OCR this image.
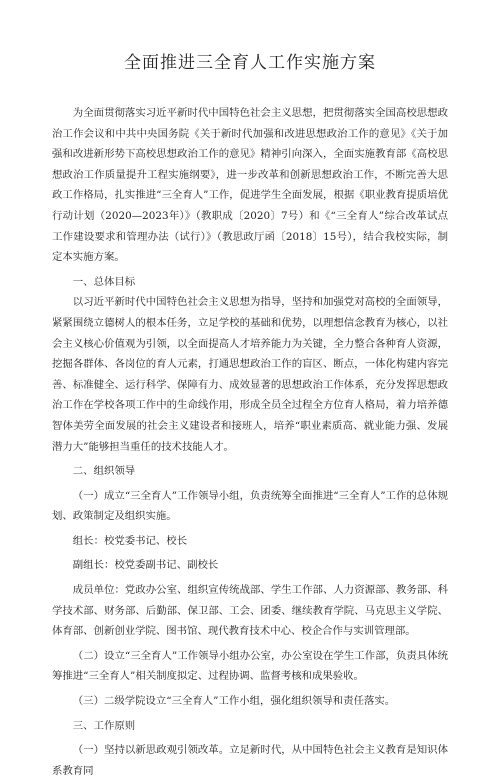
全面推进三全育人工作实施方案

为全面贯彻落实习近平新时代中国特色社会主义思想，把贯彻落实全国高校思想政治工作会议和中共中央国务院《关于新时代加强和改进思想政治工作的意见》《关于加强和改进新形势下高校思想政治工作的意见》精神引向深入，全面实施教育部《高校思想政治工作质量提升工程实施纲要》，进一步改革和创新思想政治工作，不断完善大思政工作格局，扎实推进“三全育人”工作，促进学生全面发展，根据《职业教育提质培优行动计划（2020—2023年）》（教职成〔2020〕7号）和《“三全育人”综合改革试点工作建设要求和管理办法（试行）》（教思政厅函〔2018〕15号），结合我校实际，制定本实施方案。

一、总体目标

以习近平新时代中国特色社会主义思想为指导，坚持和加强党对高校的全面领导，紧紧围绕立德树人的根本任务，立足学校的基础和优势，以理想信念教育为核心，以社会主义核心价值观为引领，以全面提高人才培养能力为关键，全力整合各种育人资源，挖掘各群体、各岗位的育人元素，打通思想政治工作的盲区、断点，一体化构建内容完善、标准健全、运行科学、保障有力、成效显著的思想政治工作体系，充分发挥思想政治工作在学校各项工作中的生命线作用，形成全员全过程全方位育人格局，着力培养德智体美劳全面发展的社会主义建设者和接班人，培养“职业素质高、就业能力强、发展潜力大”能够担当重任的技术技能人才。

二、组织领导

（一）成立“三全育人”工作领导小组，负责统筹全面推进“三全育人”工作的总体规划、政策制定及组织实施。

组长：校党委书记、校长

副组长：校党委副书记、副校长

成员单位：党政办公室、组织宣传统战部、学生工作部、人力资源部、教务部、科学技术部、财务部、后勤部、保卫部、工会、团委、继续教育学院、马克思主义学院、体育部、创新创业学院、图书馆、现代教育技术中心、校企合作与实训管理部。

（二）设立“三全育人”工作领导小组办公室，办公室设在学生工作部，负责具体统筹推进“三全育人”相关制度拟定、过程协调、监督考核和成果验收。

（三）二级学院设立“三全育人”工作小组，强化组织领导和责任落实。

三、工作原则

（一）坚持以新思政观引领改革。立足新时代，从中国特色社会主义教育是知识体系教育同
